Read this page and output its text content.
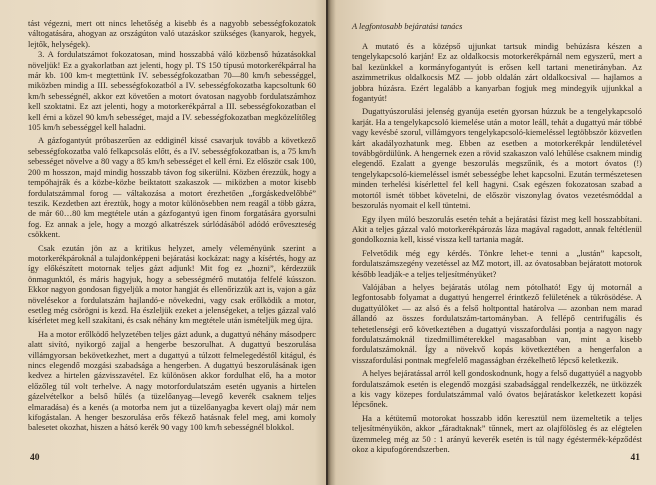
tást végezni, mert ott nincs lehetőség a kisebb és a nagyobb sebességfokozatok váltogatására, ahogyan az országúton való utazáskor szükséges (kanyarok, hegyek, lejtők, helységek).

3. A fordulatszámot fokozatosan, mind hosszabbá váló közbenső húzatásokkal növeljük! Ez a gyakorlatban azt jelenti, hogy pl. TS 150 típusú motorkerékpárral ha már kb. 100 km-t megtettünk IV. sebességfokozatban 70—80 km/h sebességgel, miközben mindig a III. sebességfokozatból a IV. sebességfokozatba kapcsoltunk 60 km/h sebességnél, akkor ezt követően a motort óvatosan nagyobb fordulatszámhoz kell szoktatni. Ez azt jelenti, hogy a motorkerékpárral a III. sebességfokozatban el kell érni a közel 90 km/h sebességet, majd a IV. sebességfokozatban megközelítőleg 105 km/h sebességgel kell haladni.

A gázfogantyút próbaszerűen az eddiginél kissé csavarjuk tovább a következő sebességfokozatba való felkapcsolás előtt, és a IV. sebességfokozatban is, a 75 km/h sebességet növelve a 80 vagy a 85 km/h sebességet el kell érni. Ez először csak 100, 200 m hosszon, majd mindig hosszabb távon fog sikerülni. Közben érezzük, hogy a tempóhajrák és a közbe-közbe beiktatott szakaszok — miközben a motor kisebb fordulatszámmal forog — váltakozása a motort érezhetően „forgáskedvelőbbé” teszik. Kezdetben azt éreztük, hogy a motor különösebben nem reagál a több gázra, de már 60…80 km megtétele után a gázfogantyú igen finom forgatására gyorsulni fog. Ez annak a jele, hogy a mozgó alkatrészek súrlódásából adódó erőveszteség csökkent.

Csak ezután jön az a kritikus helyzet, amely véleményünk szerint a motorkerékpároknál a tulajdonképpeni bejáratási kockázat: nagy a kísértés, hogy az így előkészített motornak teljes gázt adjunk! Mit fog ez „hozni”, kérdezzük önmagunktól, és máris hagyjuk, hogy a sebességmérő mutatója felfelé kússzon. Ekkor nagyon gondosan figyeljük a motor hangját és ellenőrizzük azt is, vajon a gáz növelésekor a fordulatszám hajlandó-e növekedni, vagy csak erőlködik a motor, esetleg még csörögni is kezd. Ha észleljük ezeket a jelenségeket, a teljes gázzal való kísérletet meg kell szakítani, és csak néhány km megtétele után ismételjük meg újra.

Ha a motor erőlködő helyzetében teljes gázt adunk, a dugattyú néhány másodperc alatt sivító, nyikorgó zajjal a hengerbe beszorulhat. A dugattyú beszorulása villámgyorsan bekövetkezhet, mert a dugattyú a túlzott felmelegedéstől kitágul, és nincs elegendő mozgási szabadsága a hengerben. A dugattyú beszorulásának igen kedvez a hirtelen gázvisszavétel. Ez különösen akkor fordulhat elő, ha a motor előzőleg túl volt terhelve. A nagy motorfordulatszám esetén ugyanis a hirtelen gázelvételkor a belső hűlés (a tüzelőanyag—levegő keverék csaknem teljes elmaradása) és a kenés (a motorba nem jut a tüzelőanyagba kevert olaj) már nem kifogástalan. A henger beszorulása erős fékező hatásnak felel meg, ami komoly balesetet okozhat, hiszen a hátsó kerék 90 vagy 100 km/h sebességnél blokkol.

40
A legfontosabb bejáratási tanács

A mutató és a középső ujjunkat tartsuk mindig behúzásra készen a tengelykapcsoló karján! Ez az oldalkocsis motorkerékpárnál nem egyszerű, mert a bal kezünkkel a kormányfogantyút is erősen kell tartani menetirányban. Az aszimmetrikus oldalkocsis MZ — jobb oldalán zárt oldalkocsival — hajlamos a jobbra húzásra. Ezért legalább a kanyarban fogjuk meg mindegyik ujjunkkal a fogantyút!

Dugattyúszorulási jelenség gyanúja esetén gyorsan húzzuk be a tengelykapcsoló karját. Ha a tengelykapcsoló kiemelése után a motor leáll, tehát a dugattyú már többé vagy kevésbé szorul, villámgyors tengelykapcsoló-kiemeléssel legtöbbször közvetlen kárt akadályozhatunk meg. Ebben az esetben a motorkerékpár lendületével továbbgördülünk. A hengernek ezen a rövid szakaszon való lehűlése csaknem mindig elegendő. Ezalatt a gyenge beszorulás megszűnik, és a motort óvatos (!) tengelykapcsoló-kiemeléssel ismét sebességbe lehet kapcsolni. Ezután természetesen minden terhelési kísérlettel fel kell hagyni. Csak egészen fokozatosan szabad a motortól ismét többet követelni, de először viszonylag óvatos vezetésmóddal a beszorulás nyomait el kell tüntetni.

Egy ilyen múló beszorulás esetén tehát a bejáratási fázist meg kell hosszabbítani. Akit a teljes gázzal való motorkerékpározás láza magával ragadott, annak feltétlenül gondolkoznia kell, kissé vissza kell tartania magát.

Felvetődik még egy kérdés. Tönkre lehet-e tenni a „lustán” kapcsolt, fordulatszámszegény vezetéssel az MZ motort, ill. az óvatosabban bejáratott motorok később leadják-e a teljes teljesítményüket?

Valójában a helyes bejáratás utólag nem pótolható! Egy új motornál a legfontosabb folyamat a dugattyú hengerrel érintkező felületének a tükrösödése. A dugattyúlöket — az alsó és a felső holtponttal határolva — azonban nem marad állandó az összes fordulatszám-tartományban. A fellépő centrifugális és tehetetlenségi erő következtében a dugattyú visszafordulási pontja a nagyon nagy fordulatszámoknál tizedmilliméterekkel magasabban van, mint a kisebb fordulatszámoknál. Így a növekvő kopás következtében a hengerfalon a visszafordulási pontnak megfelelő magasságban érzékelhető lépcső keletkezik.

A helyes bejáratással arról kell gondoskodnunk, hogy a felső dugattyúél a nagyobb fordulatszámok esetén is elegendő mozgási szabadsággal rendelkezzék, ne ütközzék a kis vagy közepes fordulatszámmal való óvatos bejáratáskor keletkezett kopási lépcsőnek.

Ha a kétütemű motorokat hosszabb időn keresztül nem üzemeltetik a teljes teljesítményükön, akkor „fáradtaknak” tűnnek, mert az olajfölösleg és az elégtelen üzemmeleg még az 50 : 1 arányú keverék esetén is túl nagy égéstermék-képződést okoz a kipufogórendszerben.

41
